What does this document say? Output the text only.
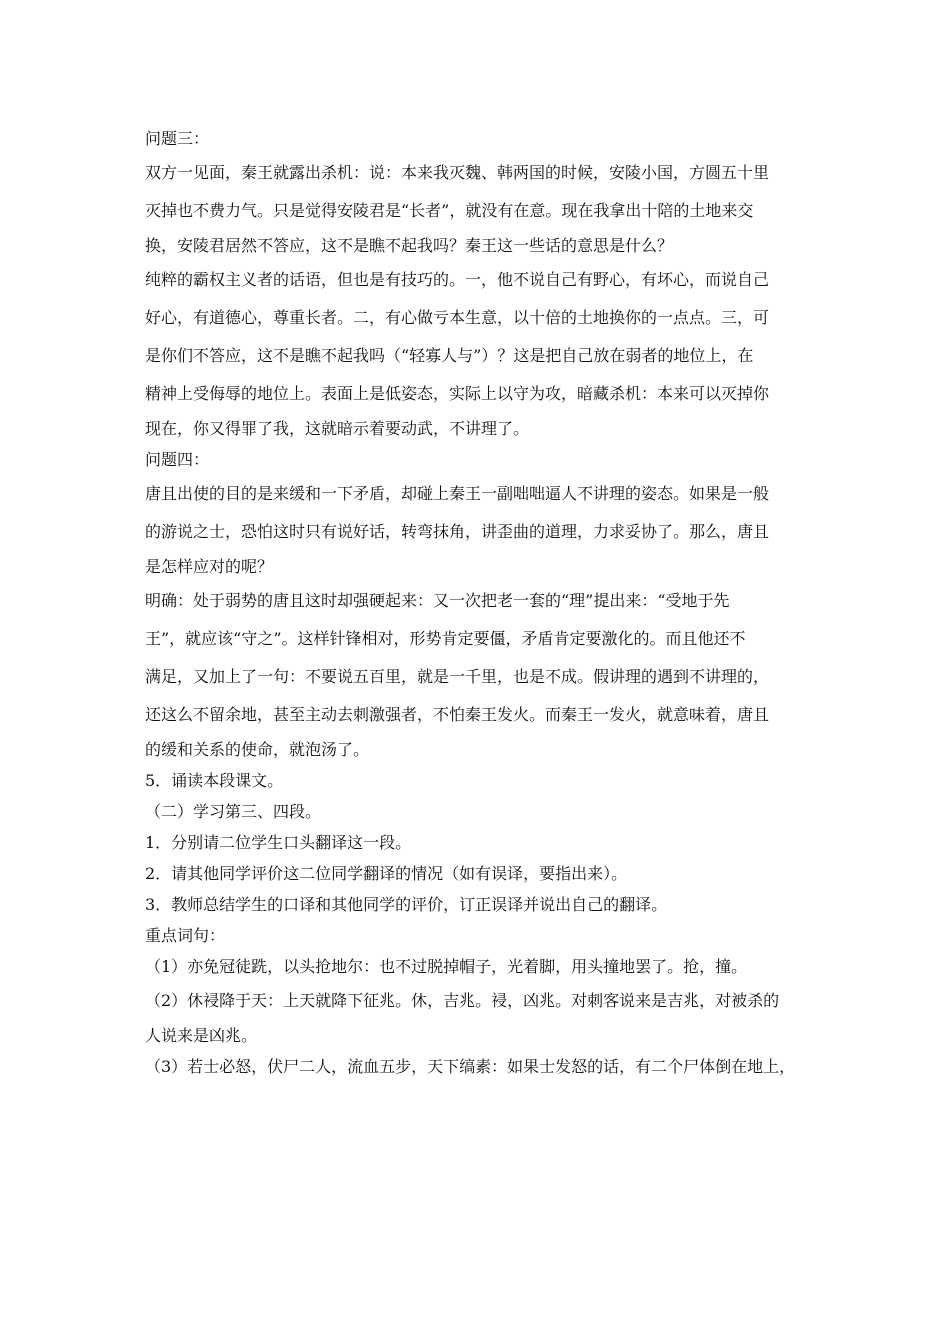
问题三：
双方一见面，秦王就露出杀机：说：本来我灭魏、韩两国的时候，安陵小国，方圆五十里
灭掉也不费力气。只是觉得安陵君是“长者”，就没有在意。现在我拿出十陪的土地来交
换，安陵君居然不答应，这不是瞧不起我吗？秦王这一些话的意思是什么？
纯粹的霸权主义者的话语，但也是有技巧的。一，他不说自己有野心，有坏心，而说自己
好心，有道德心，尊重长者。二，有心做亏本生意，以十倍的土地换你的一点点。三，可
是你们不答应，这不是瞧不起我吗（“轻寡人与”）？这是把自己放在弱者的地位上，在
精神上受侮辱的地位上。表面上是低姿态，实际上以守为攻，暗藏杀机：本来可以灭掉你
现在，你又得罪了我，这就暗示着要动武，不讲理了。
问题四：
唐且出使的目的是来缓和一下矛盾，却碰上秦王一副咄咄逼人不讲理的姿态。如果是一般
的游说之士，恐怕这时只有说好话，转弯抹角，讲歪曲的道理，力求妥协了。那么，唐且
是怎样应对的呢？
明确：处于弱势的唐且这时却强硬起来：又一次把老一套的“理”提出来：“受地于先
王”，就应该“守之”。这样针锋相对，形势肯定要僵，矛盾肯定要激化的。而且他还不
满足，又加上了一句：不要说五百里，就是一千里，也是不成。假讲理的遇到不讲理的，
还这么不留余地，甚至主动去刺激强者，不怕秦王发火。而秦王一发火，就意味着，唐且
的缓和关系的使命，就泡汤了。
5．诵读本段课文。
（二）学习第三、四段。
1．分别请二位学生口头翻译这一段。
2．请其他同学评价这二位同学翻译的情况（如有误译，要指出来）。
3．教师总结学生的口译和其他同学的评价，订正误译并说出自己的翻译。
重点词句：
（1）亦免冠徒跣，以头抢地尔：也不过脱掉帽子，光着脚，用头撞地罢了。抢，撞。
（2）休祲降于天：上天就降下征兆。休，吉兆。祲，凶兆。对刺客说来是吉兆，对被杀的
人说来是凶兆。
（3）若士必怒，伏尸二人，流血五步，天下缟素：如果士发怒的话，有二个尸体倒在地上，
